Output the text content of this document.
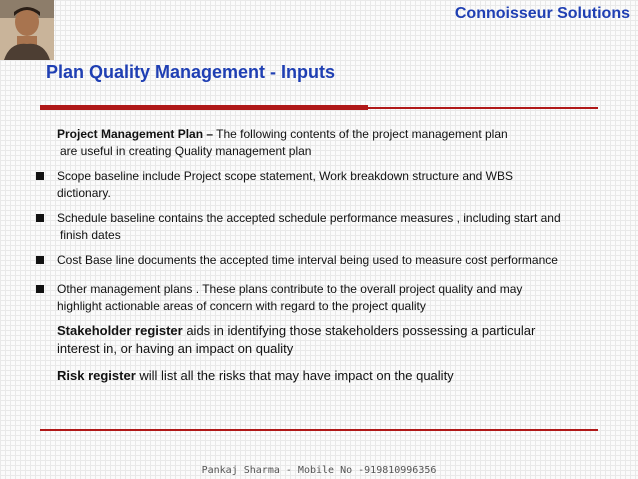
Connoisseur Solutions
Plan Quality Management - Inputs
Project Management Plan – The following contents of the project management plan
are useful in creating Quality management plan
Scope baseline include Project scope statement, Work breakdown structure and WBS
dictionary.
Schedule baseline contains the accepted schedule performance measures , including start and
finish dates
Cost Base line documents the accepted time interval being used to measure cost performance
Other management plans . These plans contribute to the overall project quality and may
highlight actionable areas of concern with regard to the project quality
Stakeholder register aids in identifying those stakeholders possessing a particular
interest in, or having an impact on quality
Risk register will list all the risks that may have impact on the quality
Pankaj Sharma - Mobile No -919810996356
